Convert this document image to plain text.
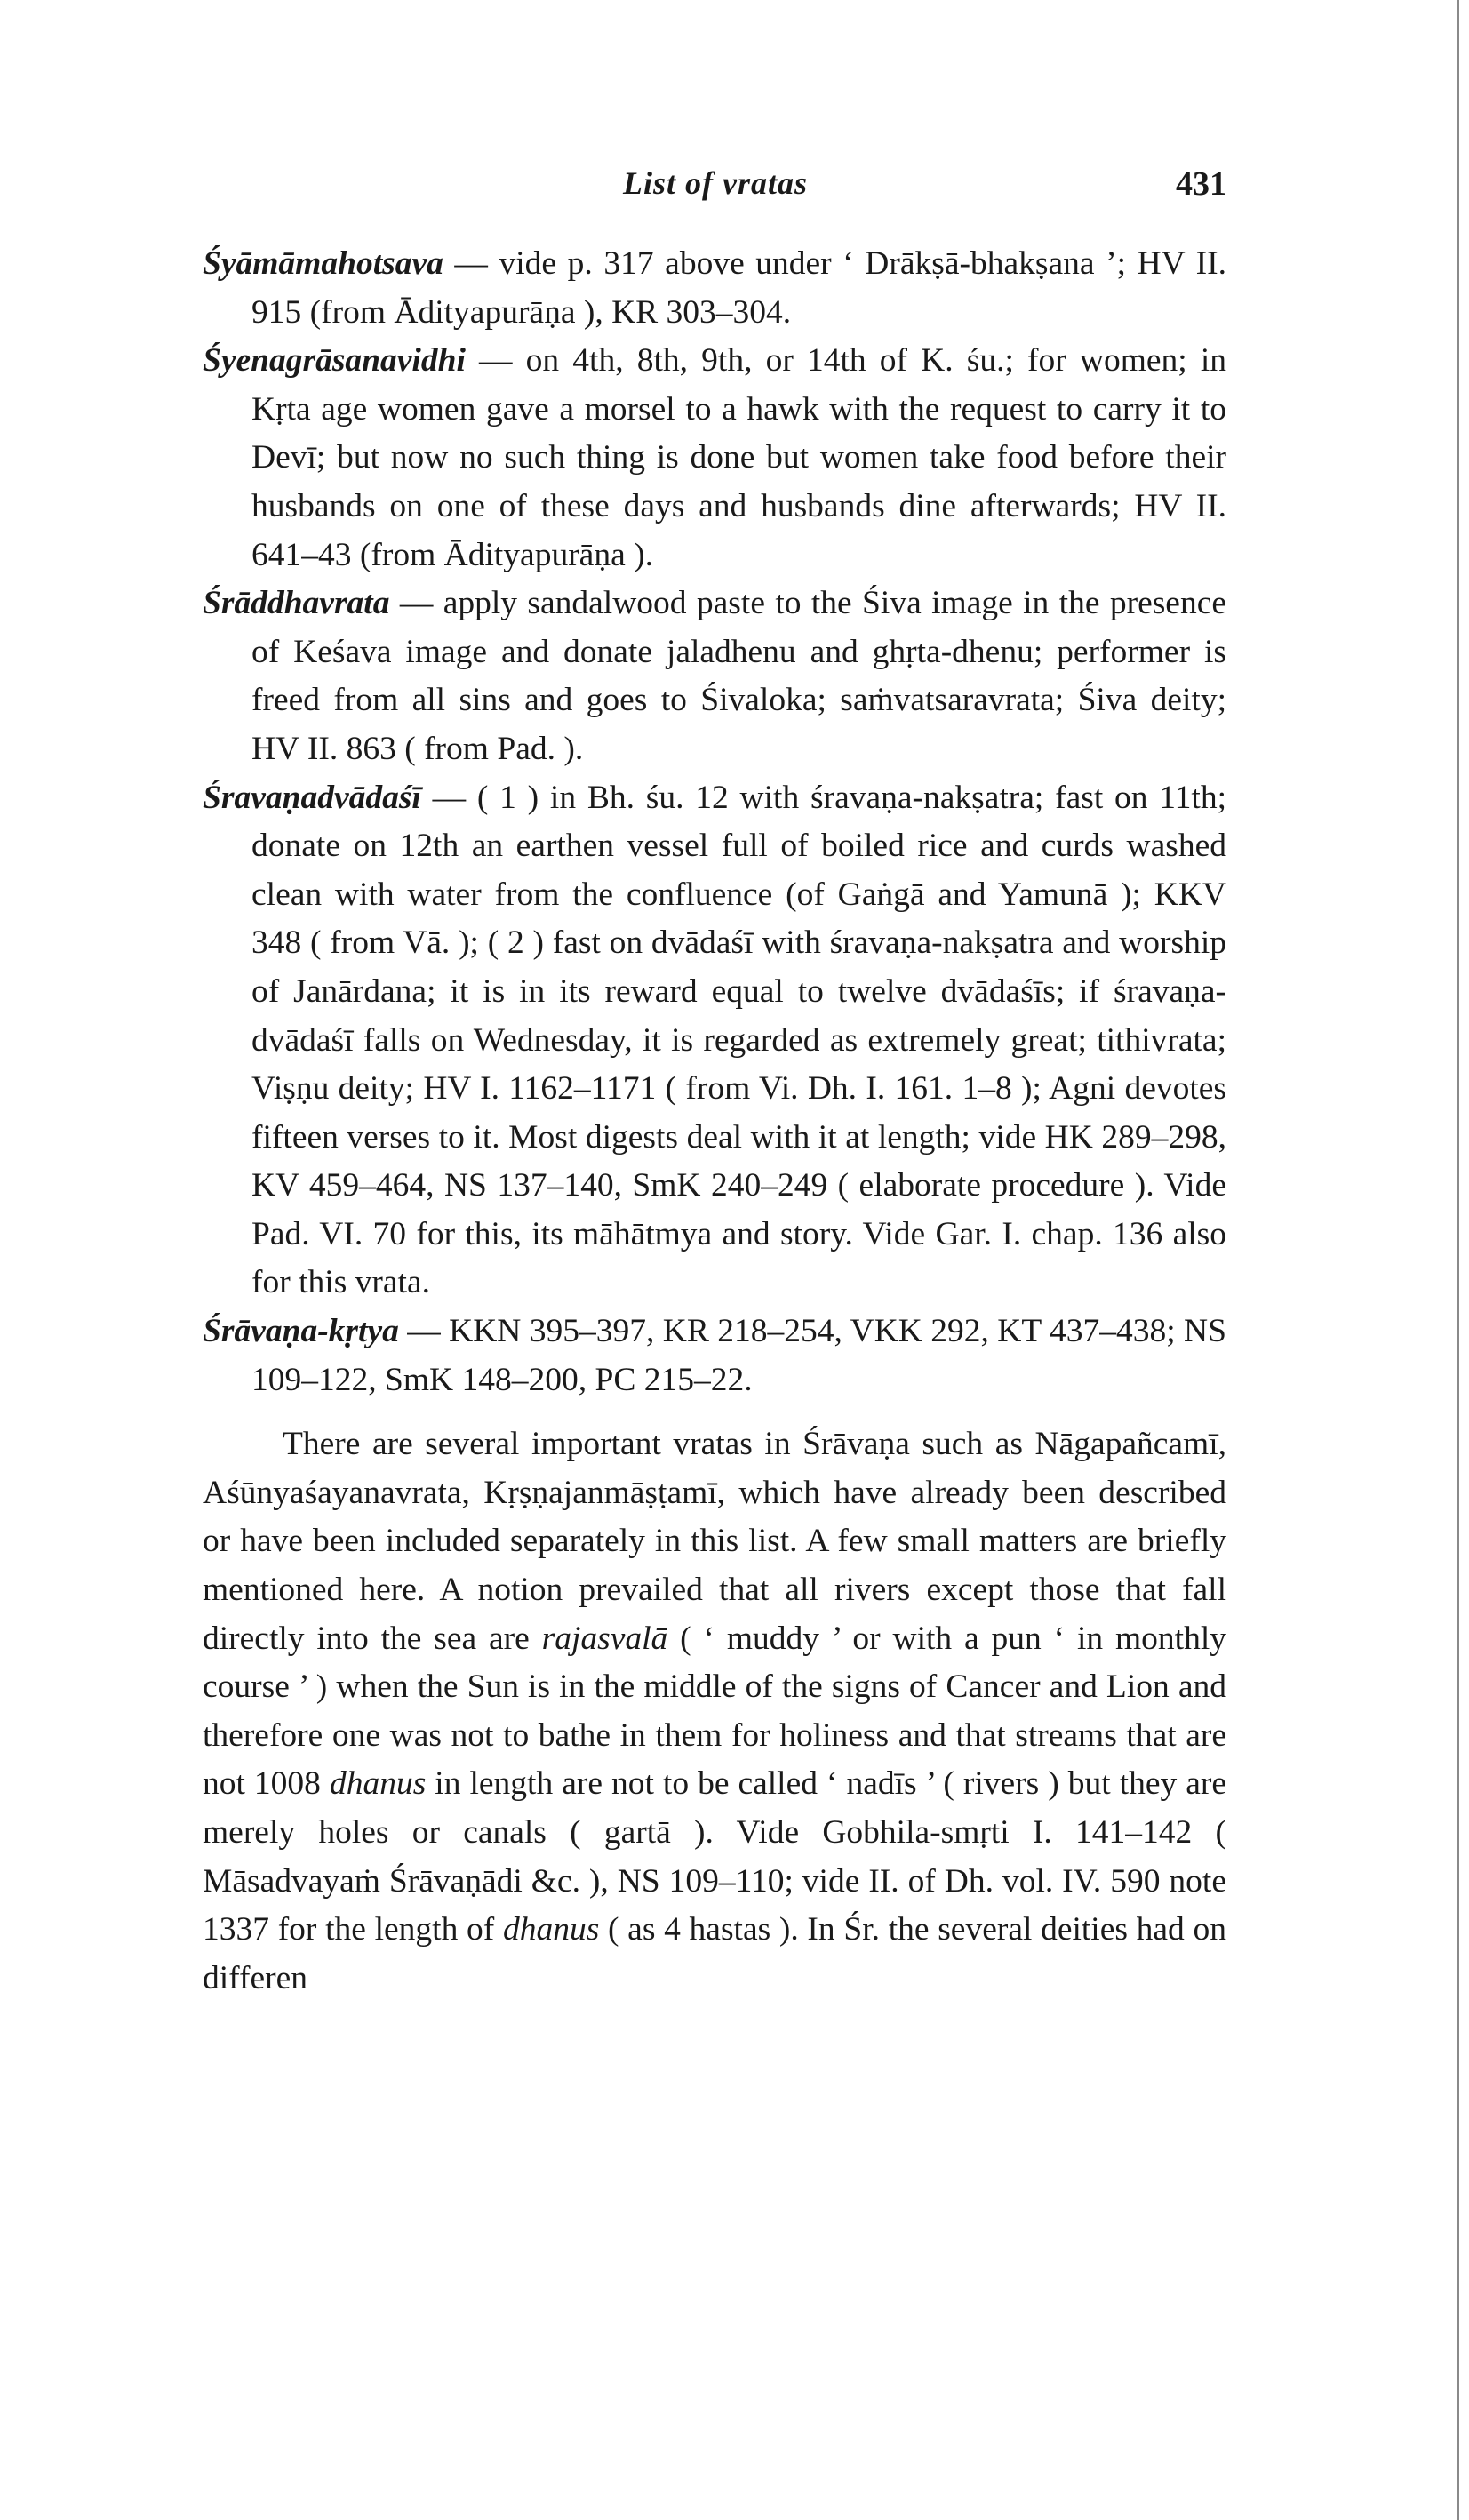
List of vratas	431

Śyāmāmahotsava — vide p. 317 above under ‘ Drākṣā-bhakṣana ’; HV II. 915 (from Ādityapurāṇa ), KR 303–304.

Śyenagrāsanavidhi — on 4th, 8th, 9th, or 14th of K. śu.; for women; in Kṛta age women gave a morsel to a hawk with the request to carry it to Devī; but now no such thing is done but women take food before their husbands on one of these days and husbands dine afterwards; HV II. 641–43 (from Ādityapurāṇa ).

Śrāddhavrata — apply sandalwood paste to the Śiva image in the presence of Keśava image and donate jaladhenu and ghṛta-dhenu; performer is freed from all sins and goes to Śivaloka; saṁvatsaravrata; Śiva deity; HV II. 863 ( from Pad. ).

Śravaṇadvādaśī — ( 1 ) in Bh. śu. 12 with śravaṇa-nakṣatra; fast on 11th; donate on 12th an earthen vessel full of boiled rice and curds washed clean with water from the confluence (of Gaṅgā and Yamunā ); KKV 348 ( from Vā. ); ( 2 ) fast on dvādaśī with śravaṇa-nakṣatra and worship of Janārdana; it is in its reward equal to twelve dvādaśīs; if śravaṇa-dvādaśī falls on Wednesday, it is regarded as extremely great; tithivrata; Viṣṇu deity; HV I. 1162–1171 ( from Vi. Dh. I. 161. 1–8 ); Agni devotes fifteen verses to it. Most digests deal with it at length; vide HK 289–298, KV 459–464, NS 137–140, SmK 240–249 ( elaborate procedure ). Vide Pad. VI. 70 for this, its māhātmya and story. Vide Gar. I. chap. 136 also for this vrata.

Śrāvaṇa-kṛtya — KKN 395–397, KR 218–254, VKK 292, KT 437–438; NS 109–122, SmK 148–200, PC 215–22.

There are several important vratas in Śrāvaṇa such as Nāgapañcamī, Aśūnyaśayanavrata, Kṛṣṇajanmāṣṭamī, which have already been described or have been included separately in this list. A few small matters are briefly mentioned here. A notion prevailed that all rivers except those that fall directly into the sea are rajasvalā ( ‘ muddy ’ or with a pun ‘ in monthly course ’ ) when the Sun is in the middle of the signs of Cancer and Lion and therefore one was not to bathe in them for holiness and that streams that are not 1008 dhanus in length are not to be called ‘ nadīs ’ ( rivers ) but they are merely holes or canals ( gartā ). Vide Gobhila-smṛti I. 141–142 ( Māsadvayaṁ Śrāvaṇādi &c. ), NS 109–110; vide II. of Dh. vol. IV. 590 note 1337 for the length of dhanus ( as 4 hastas ). In Śr. the several deities had on differen
